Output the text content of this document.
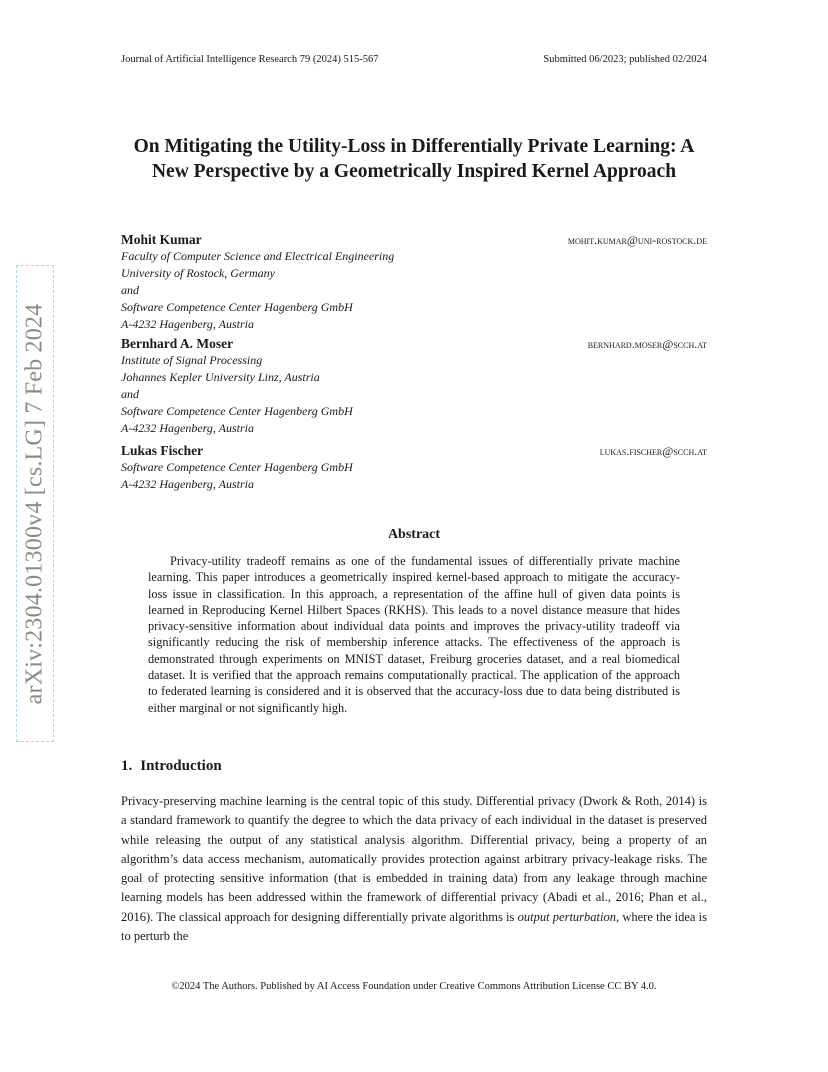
Journal of Artificial Intelligence Research 79 (2024) 515-567	Submitted 06/2023; published 02/2024
arXiv:2304.01300v4 [cs.LG] 7 Feb 2024
On Mitigating the Utility-Loss in Differentially Private Learning: A New Perspective by a Geometrically Inspired Kernel Approach
Mohit Kumar	mohit.kumar@uni-rostock.de
Faculty of Computer Science and Electrical Engineering
University of Rostock, Germany
and
Software Competence Center Hagenberg GmbH
A-4232 Hagenberg, Austria
Bernhard A. Moser	bernhard.moser@scch.at
Institute of Signal Processing
Johannes Kepler University Linz, Austria
and
Software Competence Center Hagenberg GmbH
A-4232 Hagenberg, Austria
Lukas Fischer	lukas.fischer@scch.at
Software Competence Center Hagenberg GmbH
A-4232 Hagenberg, Austria
Abstract

Privacy-utility tradeoff remains as one of the fundamental issues of differentially private machine learning. This paper introduces a geometrically inspired kernel-based approach to mitigate the accuracy-loss issue in classification. In this approach, a representation of the affine hull of given data points is learned in Reproducing Kernel Hilbert Spaces (RKHS). This leads to a novel distance measure that hides privacy-sensitive information about individual data points and improves the privacy-utility tradeoff via significantly reducing the risk of membership inference attacks. The effectiveness of the approach is demonstrated through experiments on MNIST dataset, Freiburg groceries dataset, and a real biomedical dataset. It is verified that the approach remains computationally practical. The application of the approach to federated learning is considered and it is observed that the accuracy-loss due to data being distributed is either marginal or not significantly high.

1. Introduction

Privacy-preserving machine learning is the central topic of this study. Differential privacy (Dwork & Roth, 2014) is a standard framework to quantify the degree to which the data privacy of each individual in the dataset is preserved while releasing the output of any statistical analysis algorithm. Differential privacy, being a property of an algorithm’s data access mechanism, automatically provides protection against arbitrary privacy-leakage risks. The goal of protecting sensitive information (that is embedded in training data) from any leakage through machine learning models has been addressed within the framework of differential privacy (Abadi et al., 2016; Phan et al., 2016). The classical approach for designing differentially private algorithms is output perturbation, where the idea is to perturb the

©2024 The Authors. Published by AI Access Foundation under Creative Commons Attribution License CC BY 4.0.
